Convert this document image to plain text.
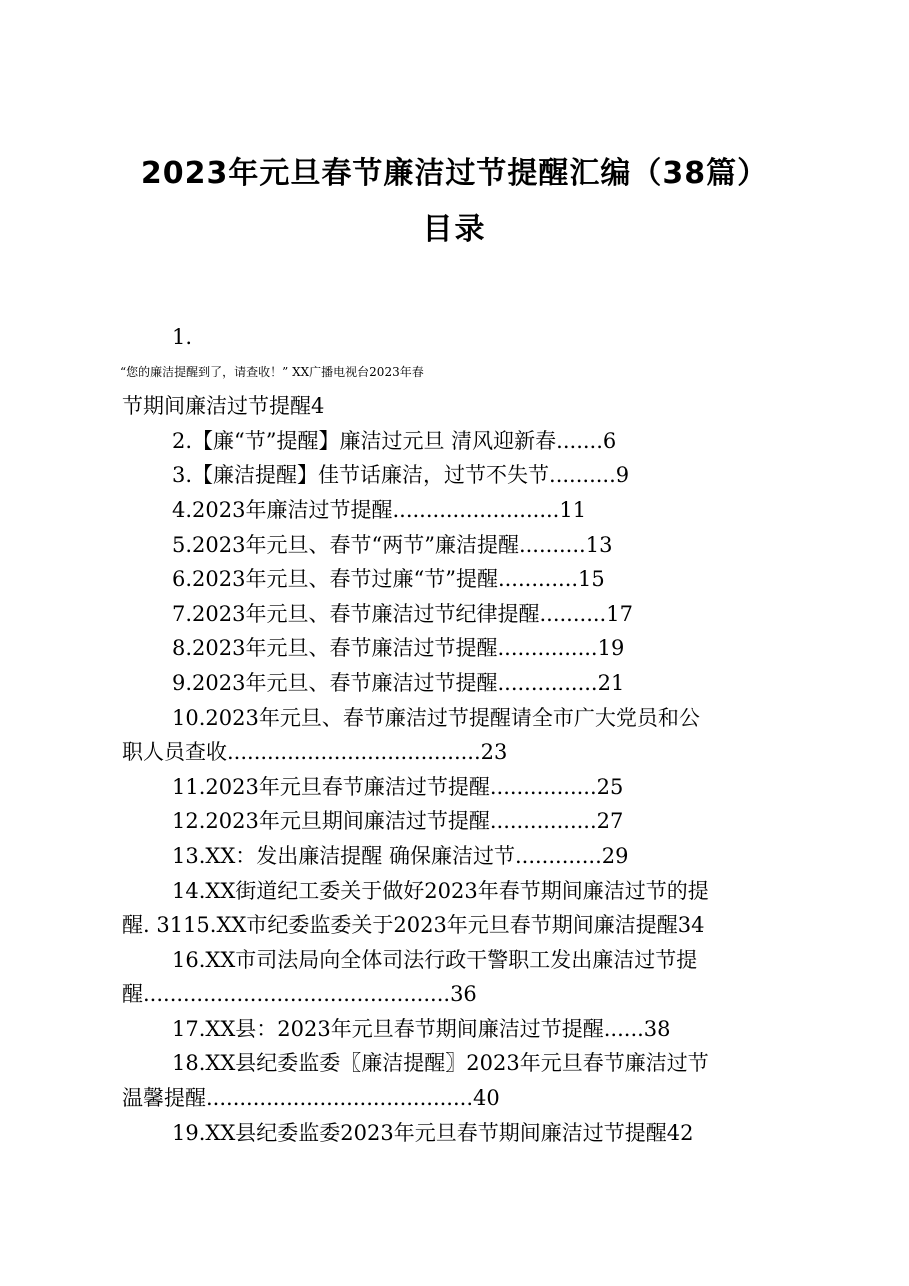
2023年元旦春节廉洁过节提醒汇编（38篇）
目录
1.
“您的廉洁提醒到了，请查收！” XX广播电视台2023年春
节期间廉洁过节提醒4
2.【廉“节”提醒】廉洁过元旦 清风迎新春.......6
3.【廉洁提醒】佳节话廉洁，过节不失节..........9
4.2023年廉洁过节提醒.........................11
5.2023年元旦、春节“两节”廉洁提醒..........13
6.2023年元旦、春节过廉“节”提醒............15
7.2023年元旦、春节廉洁过节纪律提醒..........17
8.2023年元旦、春节廉洁过节提醒...............19
9.2023年元旦、春节廉洁过节提醒...............21
10.2023年元旦、春节廉洁过节提醒请全市广大党员和公
职人员查收......................................23
11.2023年元旦春节廉洁过节提醒................25
12.2023年元旦期间廉洁过节提醒................27
13.XX：发出廉洁提醒 确保廉洁过节.............29
14.XX街道纪工委关于做好2023年春节期间廉洁过节的提
醒. 3115.XX市纪委监委关于2023年元旦春节期间廉洁提醒34
16.XX市司法局向全体司法行政干警职工发出廉洁过节提
醒..............................................36
17.XX县：2023年元旦春节期间廉洁过节提醒......38
18.XX县纪委监委〖廉洁提醒〗2023年元旦春节廉洁过节
温馨提醒........................................40
19.XX县纪委监委2023年元旦春节期间廉洁过节提醒42
